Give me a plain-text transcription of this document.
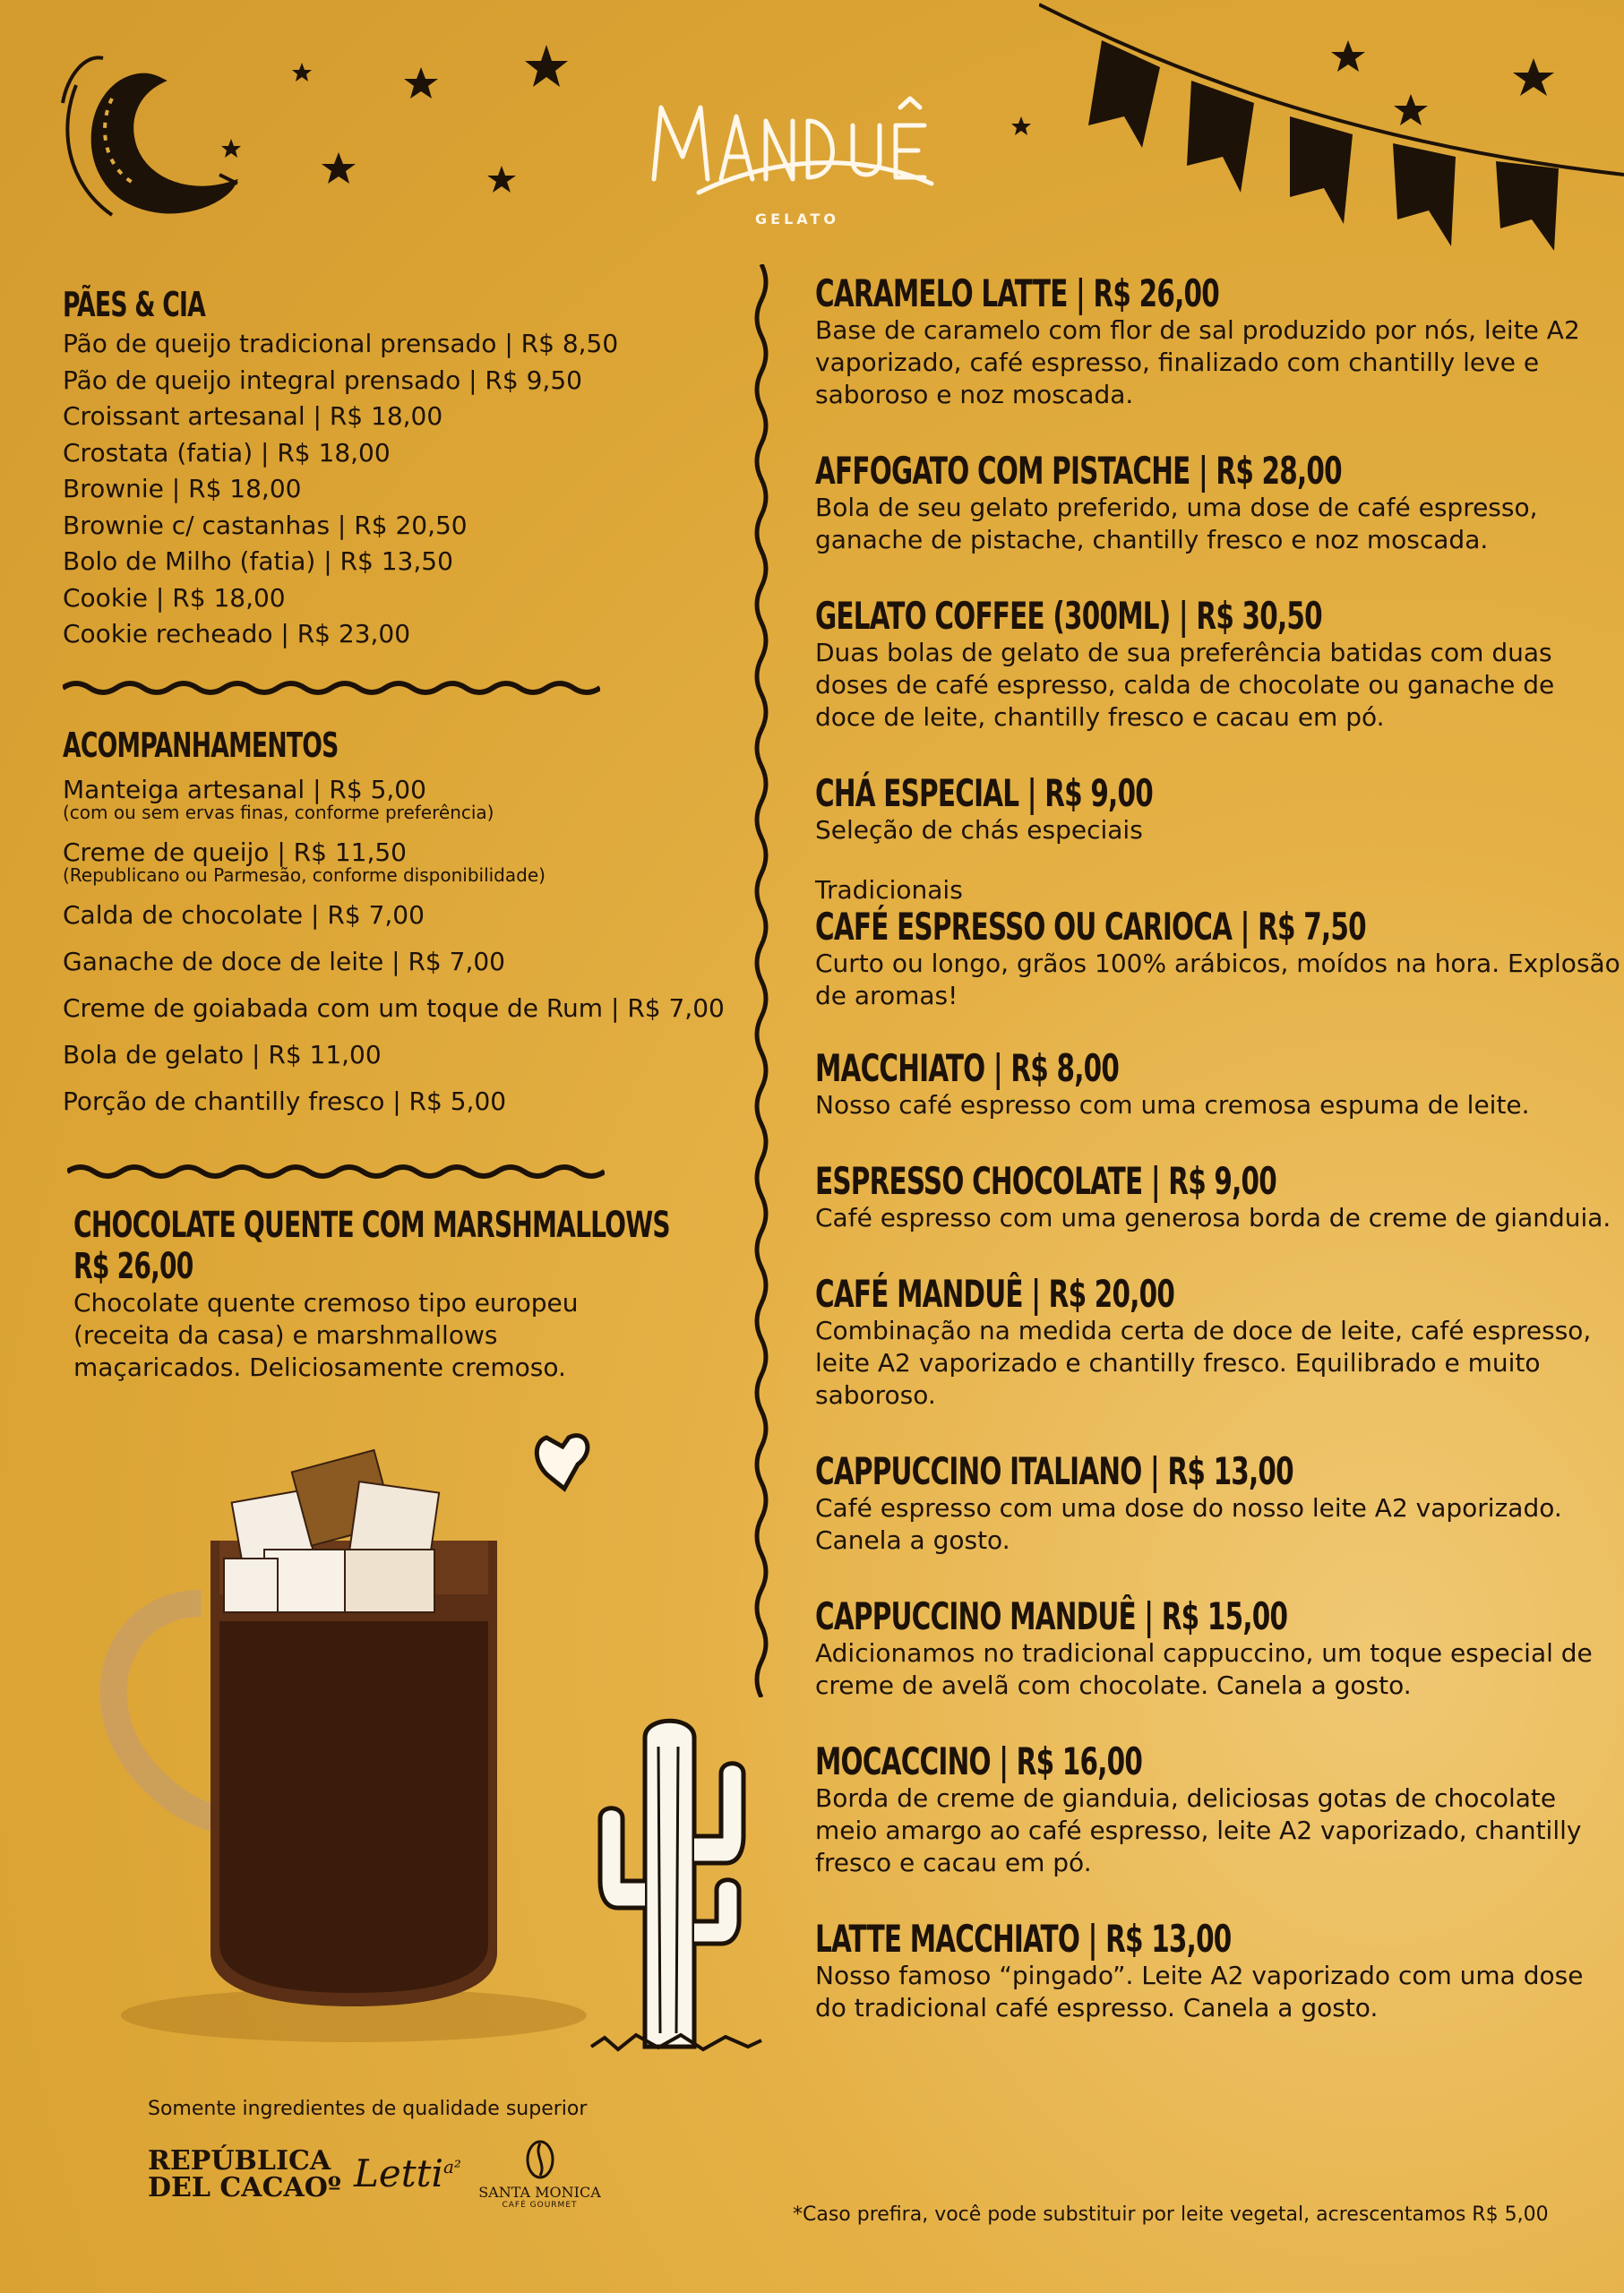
GELATO
PÃES & CIA
Pão de queijo tradicional prensado | R$ 8,50
Pão de queijo integral prensado | R$ 9,50
Croissant artesanal | R$ 18,00
Crostata (fatia) | R$ 18,00
Brownie | R$ 18,00
Brownie c/ castanhas | R$ 20,50
Bolo de Milho (fatia) | R$ 13,50
Cookie | R$ 18,00
Cookie recheado | R$ 23,00
ACOMPANHAMENTOS
Manteiga artesanal | R$ 5,00
(com ou sem ervas finas, conforme preferência)
Creme de queijo | R$ 11,50
(Republicano ou Parmesão, conforme disponibilidade)
Calda de chocolate | R$ 7,00
Ganache de doce de leite | R$ 7,00
Creme de goiabada com um toque de Rum | R$ 7,00
Bola de gelato | R$ 11,00
Porção de chantilly fresco | R$ 5,00
CHOCOLATE QUENTE COM MARSHMALLOWS
R$ 26,00
Chocolate quente cremoso tipo europeu (receita da casa) e marshmallows maçaricados. Deliciosamente cremoso.
CARAMELO LATTE | R$ 26,00
Base de caramelo com flor de sal produzido por nós, leite A2 vaporizado, café espresso, finalizado com chantilly leve e saboroso e noz moscada.
AFFOGATO COM PISTACHE | R$ 28,00
Bola de seu gelato preferido, uma dose de café espresso, ganache de pistache, chantilly fresco e noz moscada.
GELATO COFFEE (300ML) | R$ 30,50
Duas bolas de gelato de sua preferência batidas com duas doses de café espresso, calda de chocolate ou ganache de doce de leite, chantilly fresco e cacau em pó.
CHÁ ESPECIAL | R$ 9,00
Seleção de chás especiais
Tradicionais
CAFÉ ESPRESSO OU CARIOCA | R$ 7,50
Curto ou longo, grãos 100% arábicos, moídos na hora. Explosão de aromas!
MACCHIATO | R$ 8,00
Nosso café espresso com uma cremosa espuma de leite.
ESPRESSO CHOCOLATE | R$ 9,00
Café espresso com uma generosa borda de creme de gianduia.
CAFÉ MANDUÊ | R$ 20,00
Combinação na medida certa de doce de leite, café espresso, leite A2 vaporizado e chantilly fresco. Equilibrado e muito saboroso.
CAPPUCCINO ITALIANO | R$ 13,00
Café espresso com uma dose do nosso leite A2 vaporizado. Canela a gosto.
CAPPUCCINO MANDUÊ | R$ 15,00
Adicionamos no tradicional cappuccino, um toque especial de creme de avelã com chocolate. Canela a gosto.
MOCACCINO | R$ 16,00
Borda de creme de gianduia, deliciosas gotas de chocolate meio amargo ao café espresso, leite A2 vaporizado, chantilly fresco e cacau em pó.
LATTE MACCHIATO | R$ 13,00
Nosso famoso “pingado”. Leite A2 vaporizado com uma dose do tradicional café espresso. Canela a gosto.
Somente ingredientes de qualidade superior
REPÚBLICA
DEL CACAOº Letti$^{a^2}$
SANTA MONICA
CAFÉ GOURMET	*Caso prefira, você pode substituir por leite vegetal, acrescentamos R$ 5,00
